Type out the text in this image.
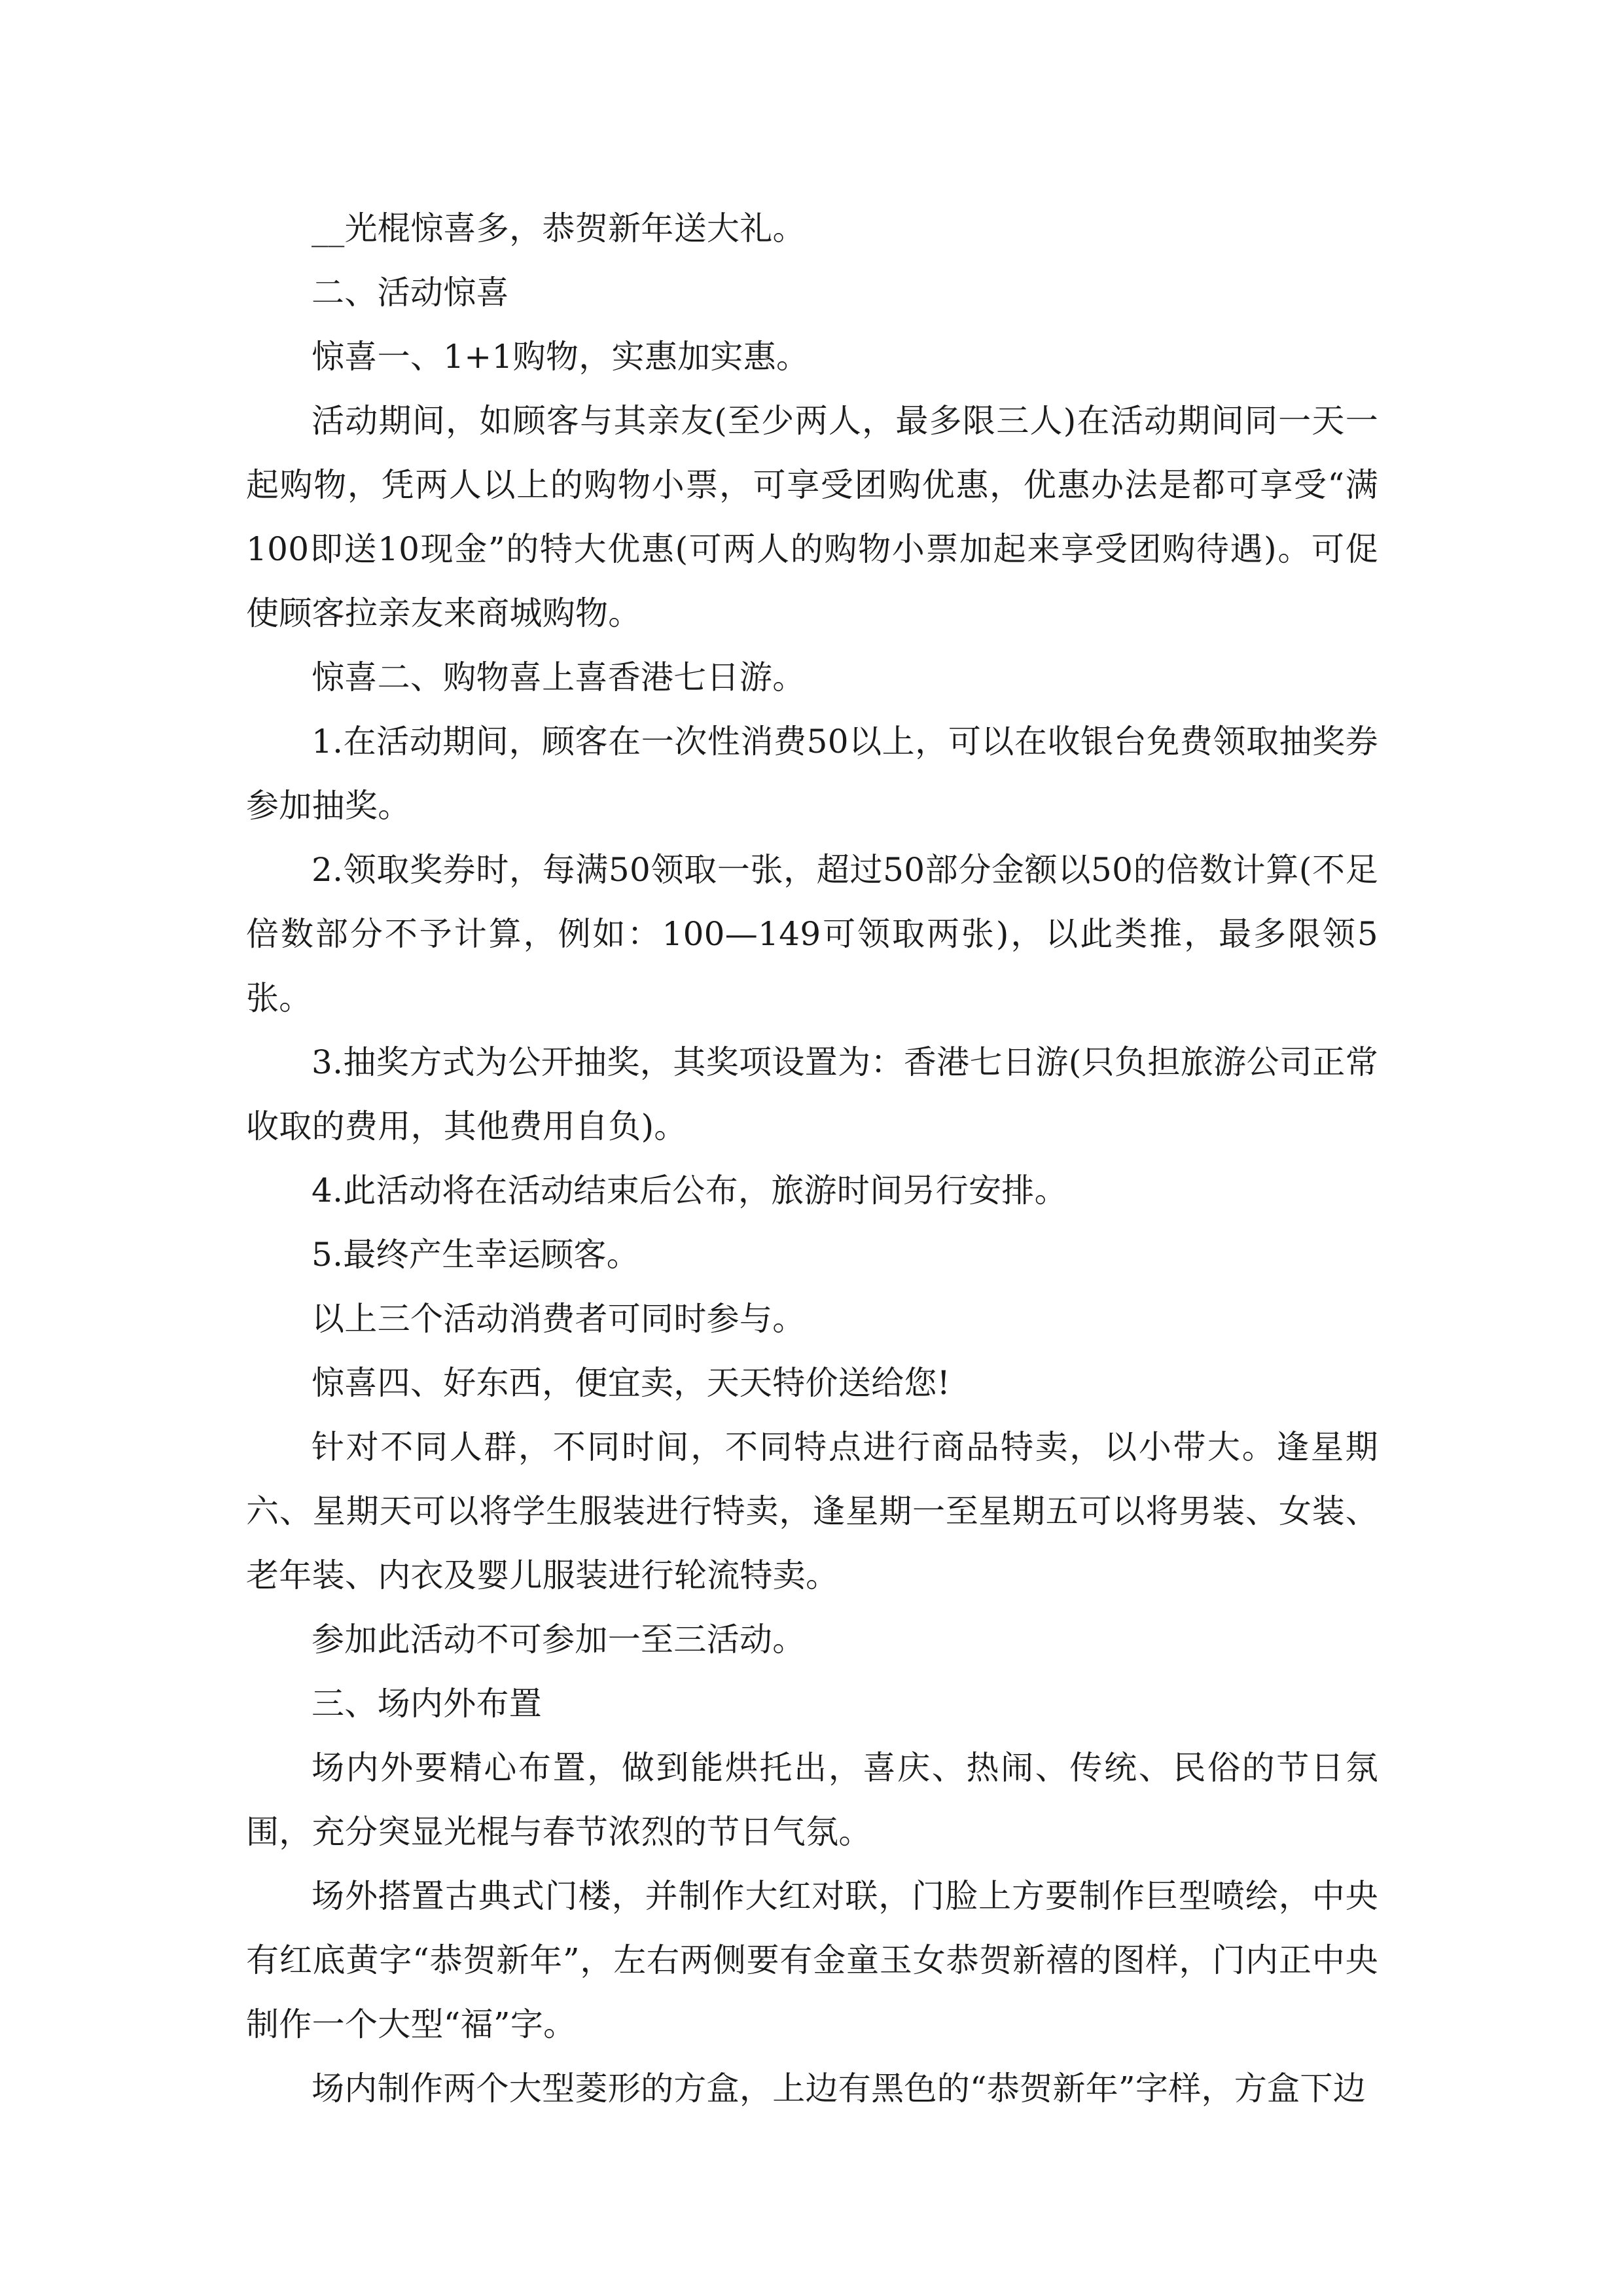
__光棍惊喜多，恭贺新年送大礼。

二、活动惊喜

惊喜一、1+1购物，实惠加实惠。

活动期间，如顾客与其亲友(至少两人，最多限三人)在活动期间同一天一起购物，凭两人以上的购物小票，可享受团购优惠，优惠办法是都可享受“满100即送10现金”的特大优惠(可两人的购物小票加起来享受团购待遇)。可促使顾客拉亲友来商城购物。

惊喜二、购物喜上喜香港七日游。

1.在活动期间，顾客在一次性消费50以上，可以在收银台免费领取抽奖券参加抽奖。

2.领取奖券时，每满50领取一张，超过50部分金额以50的倍数计算(不足倍数部分不予计算，例如：100—149可领取两张)，以此类推，最多限领5张。

3.抽奖方式为公开抽奖，其奖项设置为：香港七日游(只负担旅游公司正常收取的费用，其他费用自负)。

4.此活动将在活动结束后公布，旅游时间另行安排。

5.最终产生幸运顾客。

以上三个活动消费者可同时参与。

惊喜四、好东西，便宜卖，天天特价送给您!

针对不同人群，不同时间，不同特点进行商品特卖，以小带大。逢星期六、星期天可以将学生服装进行特卖，逢星期一至星期五可以将男装、女装、老年装、内衣及婴儿服装进行轮流特卖。

参加此活动不可参加一至三活动。

三、场内外布置

场内外要精心布置，做到能烘托出，喜庆、热闹、传统、民俗的节日氛围，充分突显光棍与春节浓烈的节日气氛。

场外搭置古典式门楼，并制作大红对联，门脸上方要制作巨型喷绘，中央有红底黄字“恭贺新年”，左右两侧要有金童玉女恭贺新禧的图样，门内正中央制作一个大型“福”字。

场内制作两个大型菱形的方盒，上边有黑色的“恭贺新年”字样，方盒下边
